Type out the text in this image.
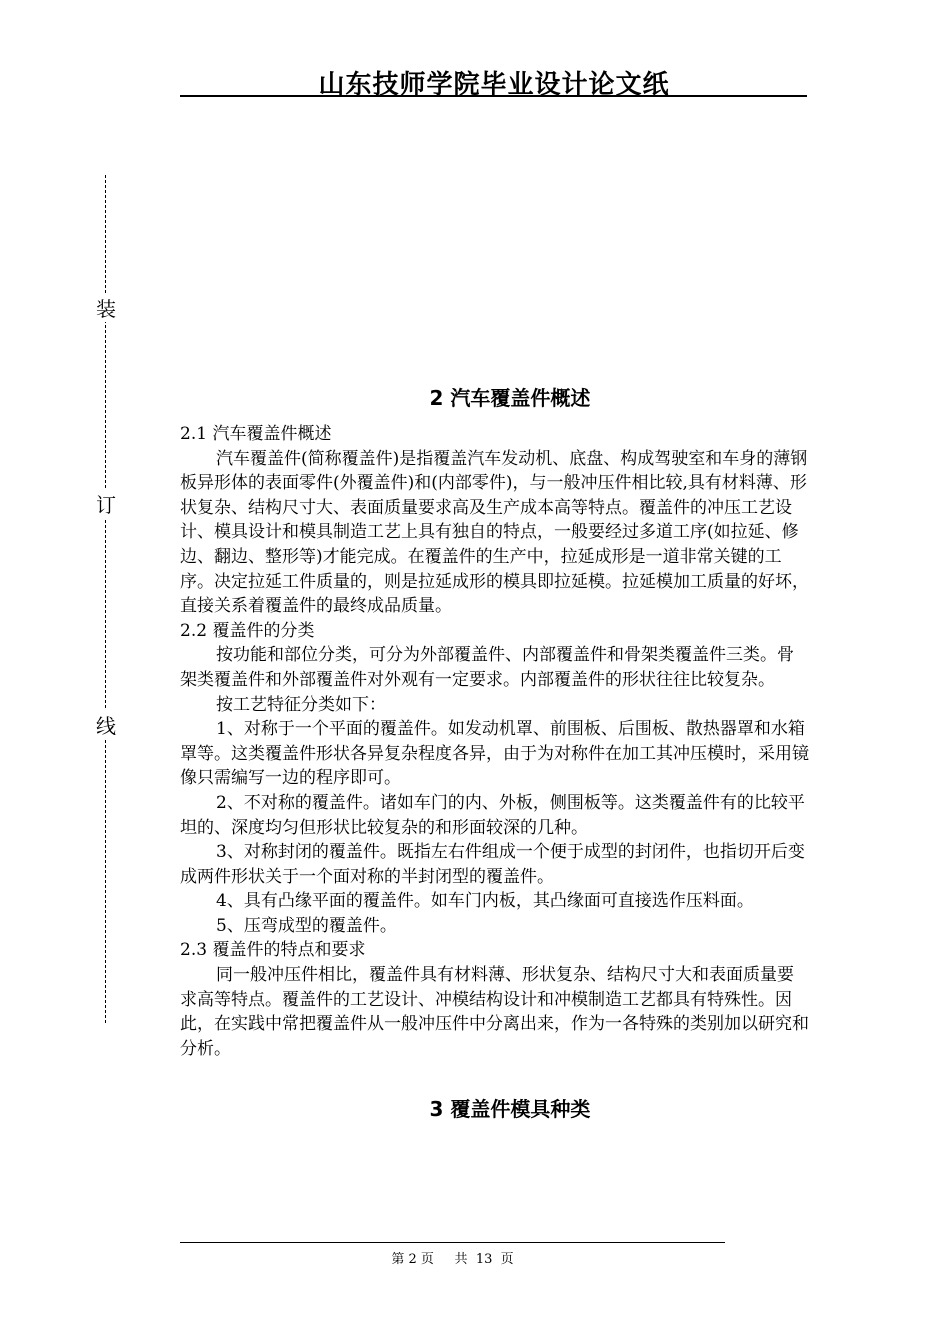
山东技师学院毕业设计论文纸
装
订
线
2 汽车覆盖件概述

2.1 汽车覆盖件概述

汽车覆盖件(简称覆盖件)是指覆盖汽车发动机、底盘、构成驾驶室和车身的薄钢板异形体的表面零件(外覆盖件)和(内部零件)，与一般冲压件相比较,具有材料薄、形状复杂、结构尺寸大、表面质量要求高及生产成本高等特点。覆盖件的冲压工艺设计、模具设计和模具制造工艺上具有独自的特点，一般要经过多道工序(如拉延、修边、翻边、整形等)才能完成。在覆盖件的生产中，拉延成形是一道非常关键的工序。决定拉延工件质量的，则是拉延成形的模具即拉延模。拉延模加工质量的好坏，直接关系着覆盖件的最终成品质量。

2.2 覆盖件的分类

按功能和部位分类，可分为外部覆盖件、内部覆盖件和骨架类覆盖件三类。骨架类覆盖件和外部覆盖件对外观有一定要求。内部覆盖件的形状往往比较复杂。

按工艺特征分类如下：

1、对称于一个平面的覆盖件。如发动机罩、前围板、后围板、散热器罩和水箱罩等。这类覆盖件形状各异复杂程度各异，由于为对称件在加工其冲压模时，采用镜像只需编写一边的程序即可。

2、不对称的覆盖件。诸如车门的内、外板，侧围板等。这类覆盖件有的比较平坦的、深度均匀但形状比较复杂的和形面较深的几种。

3、对称封闭的覆盖件。既指左右件组成一个便于成型的封闭件，也指切开后变成两件形状关于一个面对称的半封闭型的覆盖件。

4、具有凸缘平面的覆盖件。如车门内板，其凸缘面可直接选作压料面。

5、压弯成型的覆盖件。

2.3 覆盖件的特点和要求

同一般冲压件相比，覆盖件具有材料薄、形状复杂、结构尺寸大和表面质量要求高等特点。覆盖件的工艺设计、冲模结构设计和冲模制造工艺都具有特殊性。因此，在实践中常把覆盖件从一般冲压件中分离出来，作为一各特殊的类别加以研究和分析。

3 覆盖件模具种类
第 2 页     共  13  页
